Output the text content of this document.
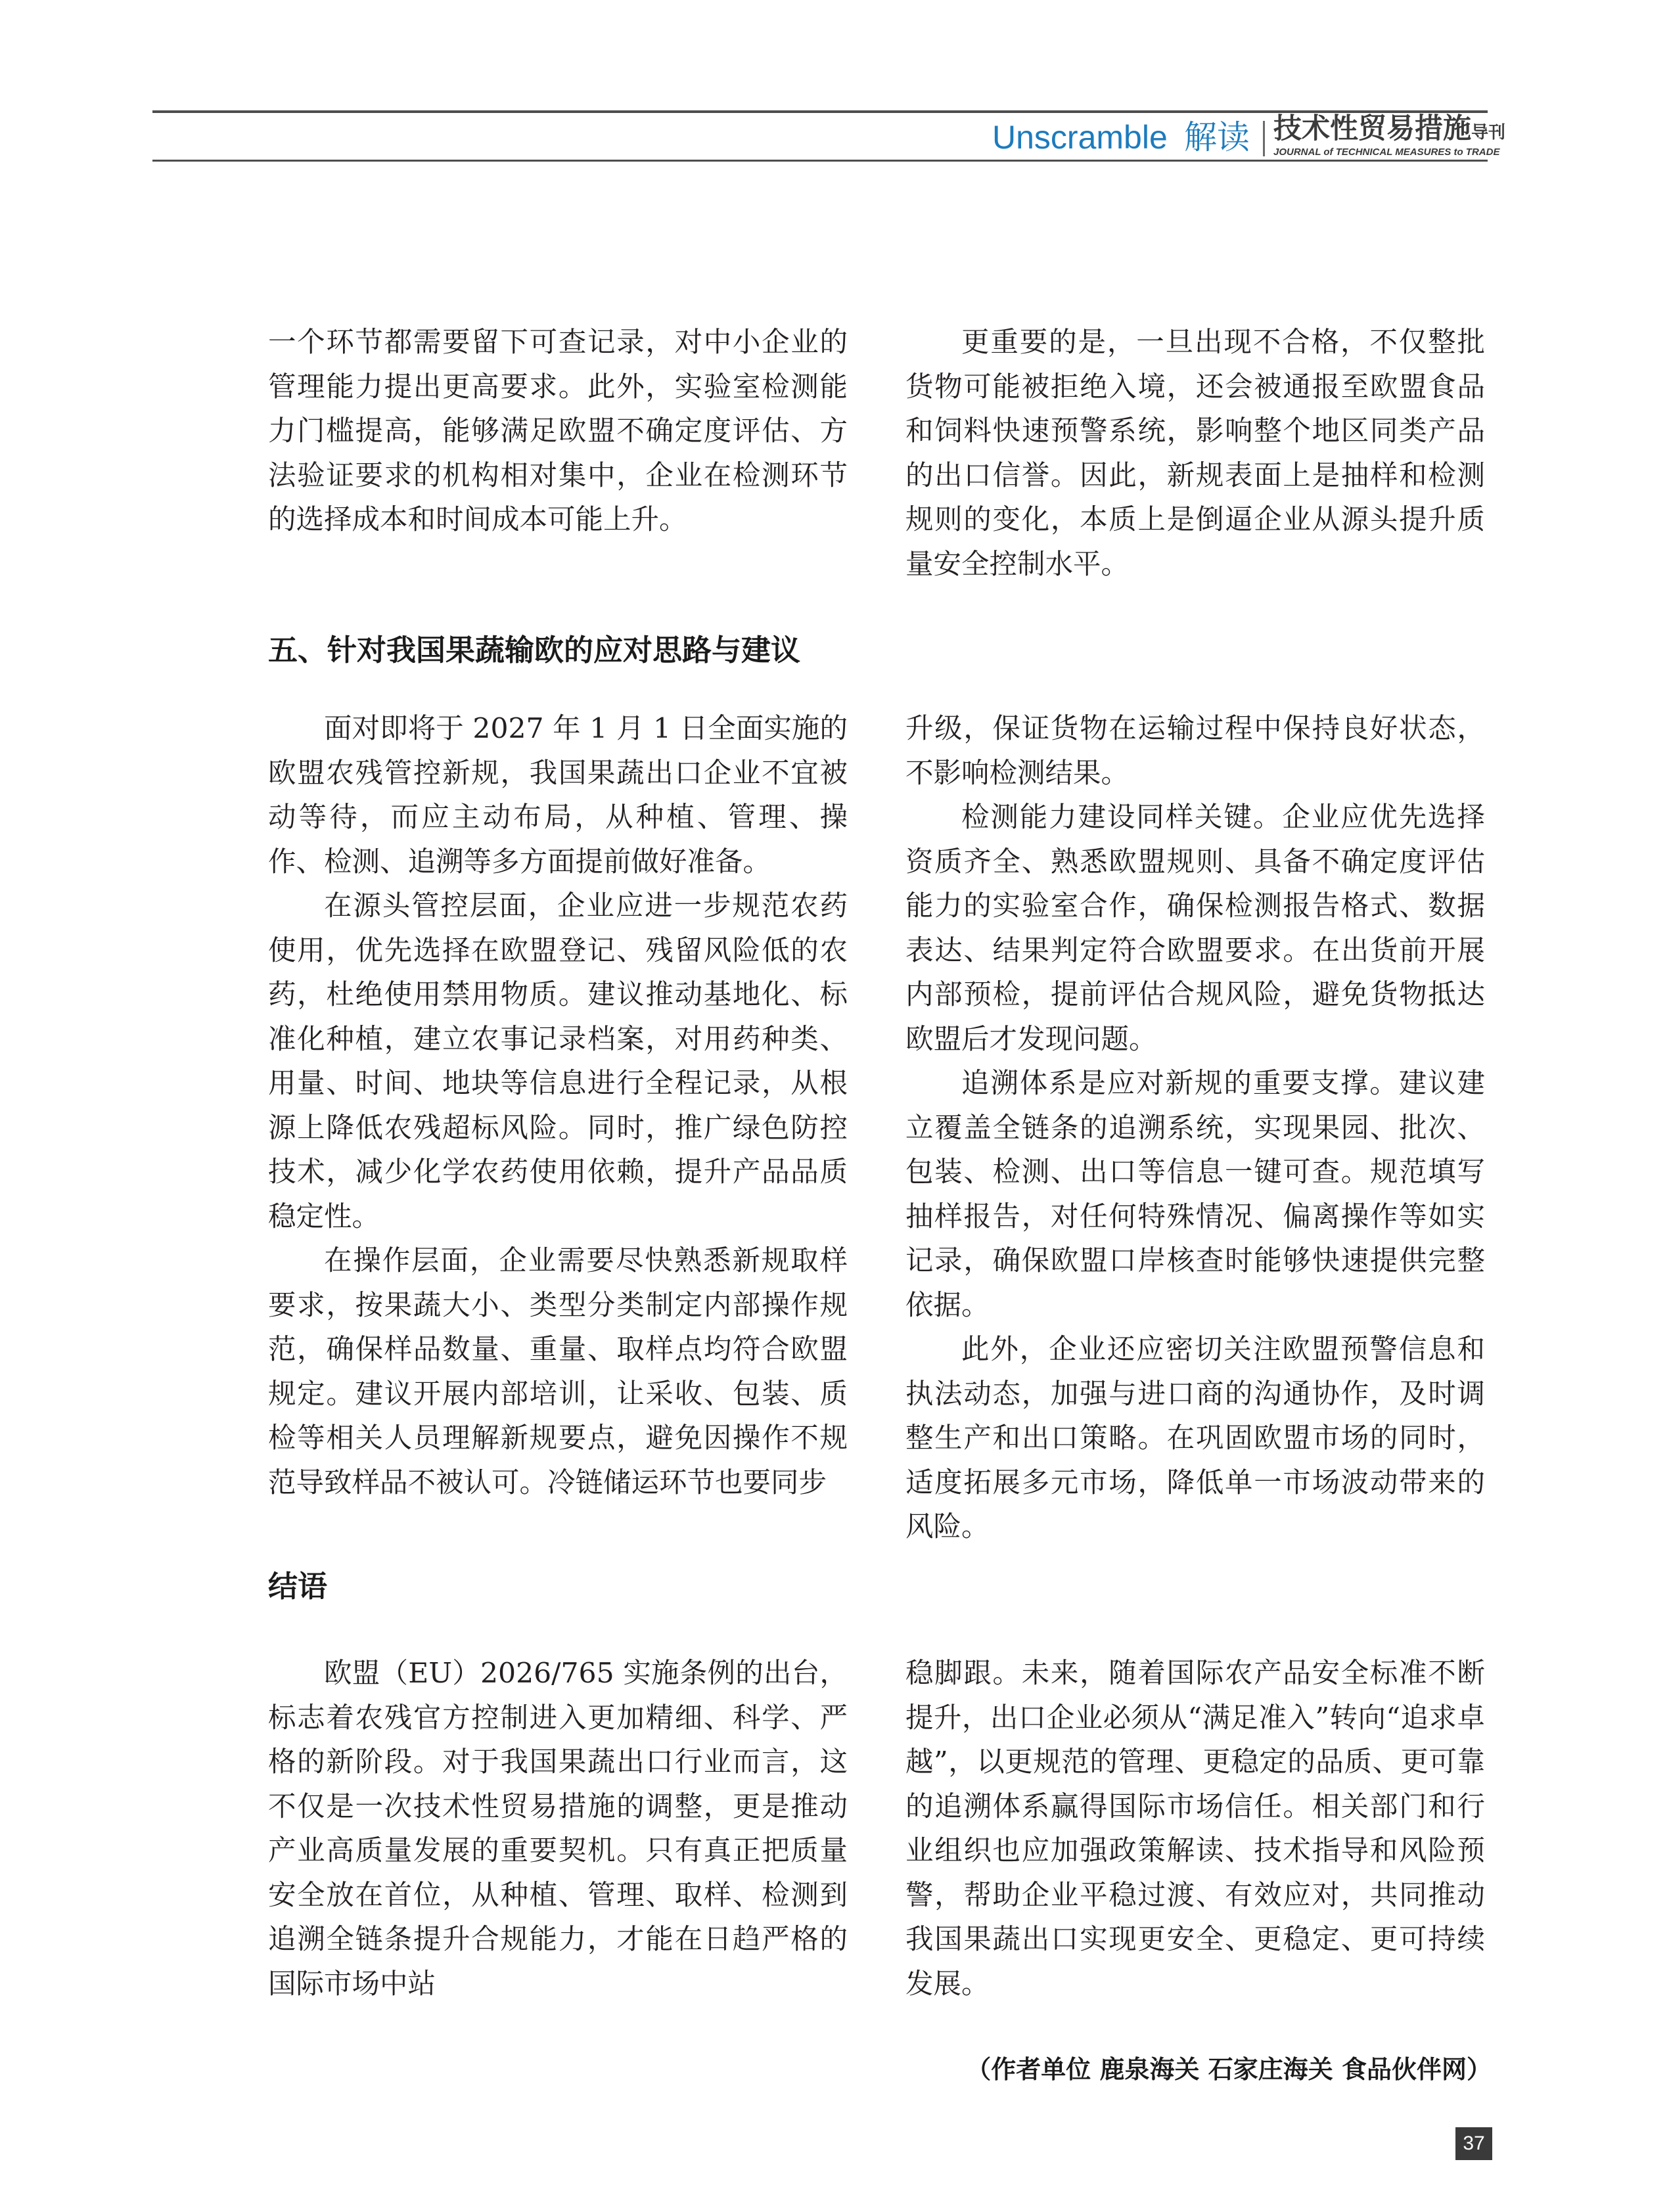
Unscramble 解读 技术性贸易措施导刊
JOURNAL of TECHNICAL MEASURES to TRADE

一个环节都需要留下可查记录，对中小企业的管理能力提出更高要求。此外，实验室检测能力门槛提高，能够满足欧盟不确定度评估、方法验证要求的机构相对集中，企业在检测环节的选择成本和时间成本可能上升。

更重要的是，一旦出现不合格，不仅整批货物可能被拒绝入境，还会被通报至欧盟食品和饲料快速预警系统，影响整个地区同类产品的出口信誉。因此，新规表面上是抽样和检测规则的变化，本质上是倒逼企业从源头提升质量安全控制水平。

五、针对我国果蔬输欧的应对思路与建议

面对即将于 2027 年 1 月 1 日全面实施的欧盟农残管控新规，我国果蔬出口企业不宜被动等待，而应主动布局，从种植、管理、操作、检测、追溯等多方面提前做好准备。

在源头管控层面，企业应进一步规范农药使用，优先选择在欧盟登记、残留风险低的农药，杜绝使用禁用物质。建议推动基地化、标准化种植，建立农事记录档案，对用药种类、用量、时间、地块等信息进行全程记录，从根源上降低农残超标风险。同时，推广绿色防控技术，减少化学农药使用依赖，提升产品品质稳定性。

在操作层面，企业需要尽快熟悉新规取样要求，按果蔬大小、类型分类制定内部操作规范，确保样品数量、重量、取样点均符合欧盟规定。建议开展内部培训，让采收、包装、质检等相关人员理解新规要点，避免因操作不规范导致样品不被认可。冷链储运环节也要同步

升级，保证货物在运输过程中保持良好状态，不影响检测结果。

检测能力建设同样关键。企业应优先选择资质齐全、熟悉欧盟规则、具备不确定度评估能力的实验室合作，确保检测报告格式、数据表达、结果判定符合欧盟要求。在出货前开展内部预检，提前评估合规风险，避免货物抵达欧盟后才发现问题。

追溯体系是应对新规的重要支撑。建议建立覆盖全链条的追溯系统，实现果园、批次、包装、检测、出口等信息一键可查。规范填写抽样报告，对任何特殊情况、偏离操作等如实记录，确保欧盟口岸核查时能够快速提供完整依据。

此外，企业还应密切关注欧盟预警信息和执法动态，加强与进口商的沟通协作，及时调整生产和出口策略。在巩固欧盟市场的同时，适度拓展多元市场，降低单一市场波动带来的风险。

结语

欧盟（EU）2026/765 实施条例的出台，标志着农残官方控制进入更加精细、科学、严格的新阶段。对于我国果蔬出口行业而言，这不仅是一次技术性贸易措施的调整，更是推动产业高质量发展的重要契机。只有真正把质量安全放在首位，从种植、管理、取样、检测到追溯全链条提升合规能力，才能在日趋严格的国际市场中站

稳脚跟。未来，随着国际农产品安全标准不断提升，出口企业必须从“满足准入”转向“追求卓越”，以更规范的管理、更稳定的品质、更可靠的追溯体系赢得国际市场信任。相关部门和行业组织也应加强政策解读、技术指导和风险预警，帮助企业平稳过渡、有效应对，共同推动我国果蔬出口实现更安全、更稳定、更可持续发展。

（作者单位 鹿泉海关 石家庄海关 食品伙伴网）
37
